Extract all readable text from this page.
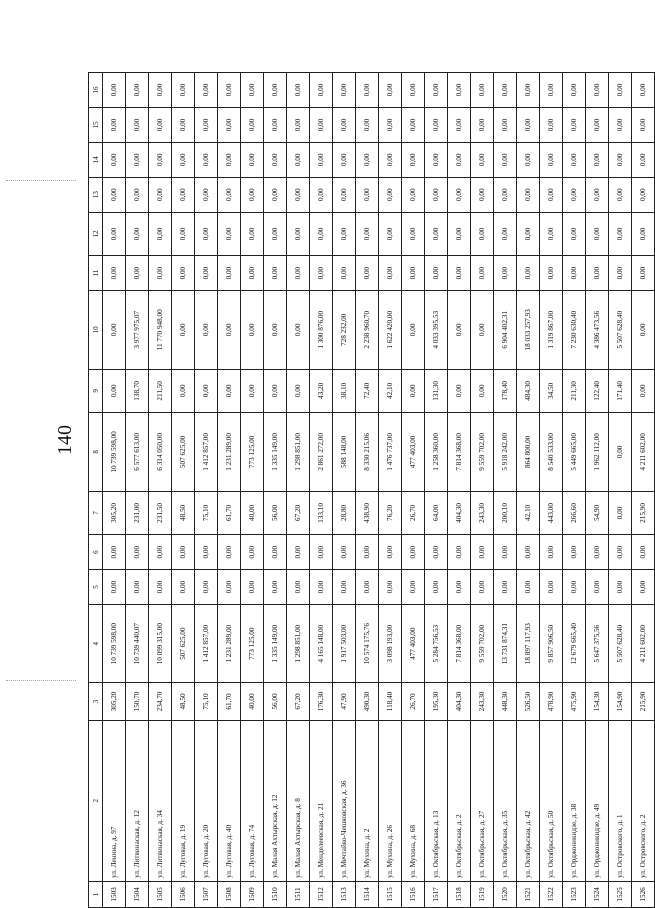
140
1	2	3	4	5	6	7	8	9	10	11	12	13	14	15	16
1503	ул. Ленина, д. 97	305,20	10 739 598,00	0,00	0,00	305,20	10 739 598,00	0,00	0,00	0,00	0,00	0,00	0,00	0,00	0,00
1504	ул. Литвинаская, д. 12	150,70	10 739 440,07	0,00	0,00	231,00	6 577 613,00	138,70	3 977 975,07	0,00	0,00	0,00	0,00	0,00	0,00
1505	ул. Литвинаская, д. 34	234,70	10 099 315,00	0,00	0,00	231,50	6 314 050,00	211,50	11 770 948,00	0,00	0,00	0,00	0,00	0,00	0,00
1506	ул. Луговая, д. 19	48,50	507 625,00	0,00	0,00	48,50	507 625,00	0,00	0,00	0,00	0,00	0,00	0,00	0,00	0,00
1507	ул. Луговая, д. 20	75,10	1 412 857,00	0,00	0,00	75,10	1 412 857,00	0,00	0,00	0,00	0,00	0,00	0,00	0,00	0,00
1508	ул. Луговая, д. 40	61,70	1 231 289,00	0,00	0,00	61,70	1 231 289,00	0,00	0,00	0,00	0,00	0,00	0,00	0,00	0,00
1509	ул. Луговая, д. 74	40,00	773 125,00	0,00	0,00	40,00	773 125,00	0,00	0,00	0,00	0,00	0,00	0,00	0,00	0,00
1510	ул. Малая Ахтырская, д. 12	56,00	1 335 149,00	0,00	0,00	56,00	1 335 149,00	0,00	0,00	0,00	0,00	0,00	0,00	0,00	0,00
1511	ул. Малая Ахтырская, д. 8	67,20	1 298 851,00	0,00	0,00	67,20	1 298 851,00	0,00	0,00	0,00	0,00	0,00	0,00	0,00	0,00
1512	ул. Менделеевская, д. 21	176,30	4 165 148,00	0,00	0,00	133,10	2 861 272,00	43,20	1 300 876,00	0,00	0,00	0,00	0,00	0,00	0,00
1513	ул. Мечтайко-Чешковская, д. 36	47,90	1 917 503,00	0,00	0,00	28,80	588 148,00	38,10	728 232,00	0,00	0,00	0,00	0,00	0,00	0,00
1514	ул. Мухина, д. 2	490,30	10 574 175,76	0,00	0,00	438,90	8 330 215,06	72,40	2 238 960,70	0,00	0,00	0,00	0,00	0,00	0,00
1515	ул. Мухина, д. 26	118,40	3 098 193,00	0,00	0,00	76,20	1 476 737,00	42,10	1 622 420,00	0,00	0,00	0,00	0,00	0,00	0,00
1516	ул. Мухина, д. 68	26,70	477 403,00	0,00	0,00	26,70	477 403,00	0,00	0,00	0,00	0,00	0,00	0,00	0,00	0,00
1517	ул. Октябрьская, д. 13	195,30	5 284 756,53	0,00	0,00	64,00	1 258 360,00	131,30	4 033 395,53	0,00	0,00	0,00	0,00	0,00	0,00
1518	ул. Октябрьская, д. 2	404,30	7 814 368,00	0,00	0,00	404,30	7 814 368,00	0,00	0,00	0,00	0,00	0,00	0,00	0,00	0,00
1519	ул. Октябрьская, д. 27	243,30	9 559 702,00	0,00	0,00	243,30	9 559 702,00	0,00	0,00	0,00	0,00	0,00	0,00	0,00	0,00
1520	ул. Октябрьская, д. 35	448,30	13 731 874,31	0,00	0,00	200,10	5 918 242,00	178,40	6 904 402,31	0,00	0,00	0,00	0,00	0,00	0,00
1521	ул. Октябрьская, д. 42	526,50	18 897 117,93	0,00	0,00	42,10	864 800,00	484,30	18 033 257,93	0,00	0,00	0,00	0,00	0,00	0,00
1522	ул. Октябрьская, д. 50	478,90	9 857 906,50	0,00	0,00	443,00	8 540 533,00	34,50	1 319 867,00	0,00	0,00	0,00	0,00	0,00	0,00
1523	ул. Орджоникидзе, д. 38	475,90	12 679 665,40	0,00	0,00	266,60	5 449 665,00	211,30	7 230 630,40	0,00	0,00	0,00	0,00	0,00	0,00
1524	ул. Орджоникидзе, д. 49	154,30	5 647 375,56	0,00	0,00	54,90	1 962 112,00	122,40	4 386 473,56	0,00	0,00	0,00	0,00	0,00	0,00
1525	ул. Островского, д. 1	154,90	5 507 628,40	0,00	0,00	0,00	0,00	171,40	5 507 628,40	0,00	0,00	0,00	0,00	0,00	0,00
1526	ул. Островского, д. 2	215,90	4 211 602,00	0,00	0,00	215,90	4 211 602,00	0,00	0,00	0,00	0,00	0,00	0,00	0,00	0,00
